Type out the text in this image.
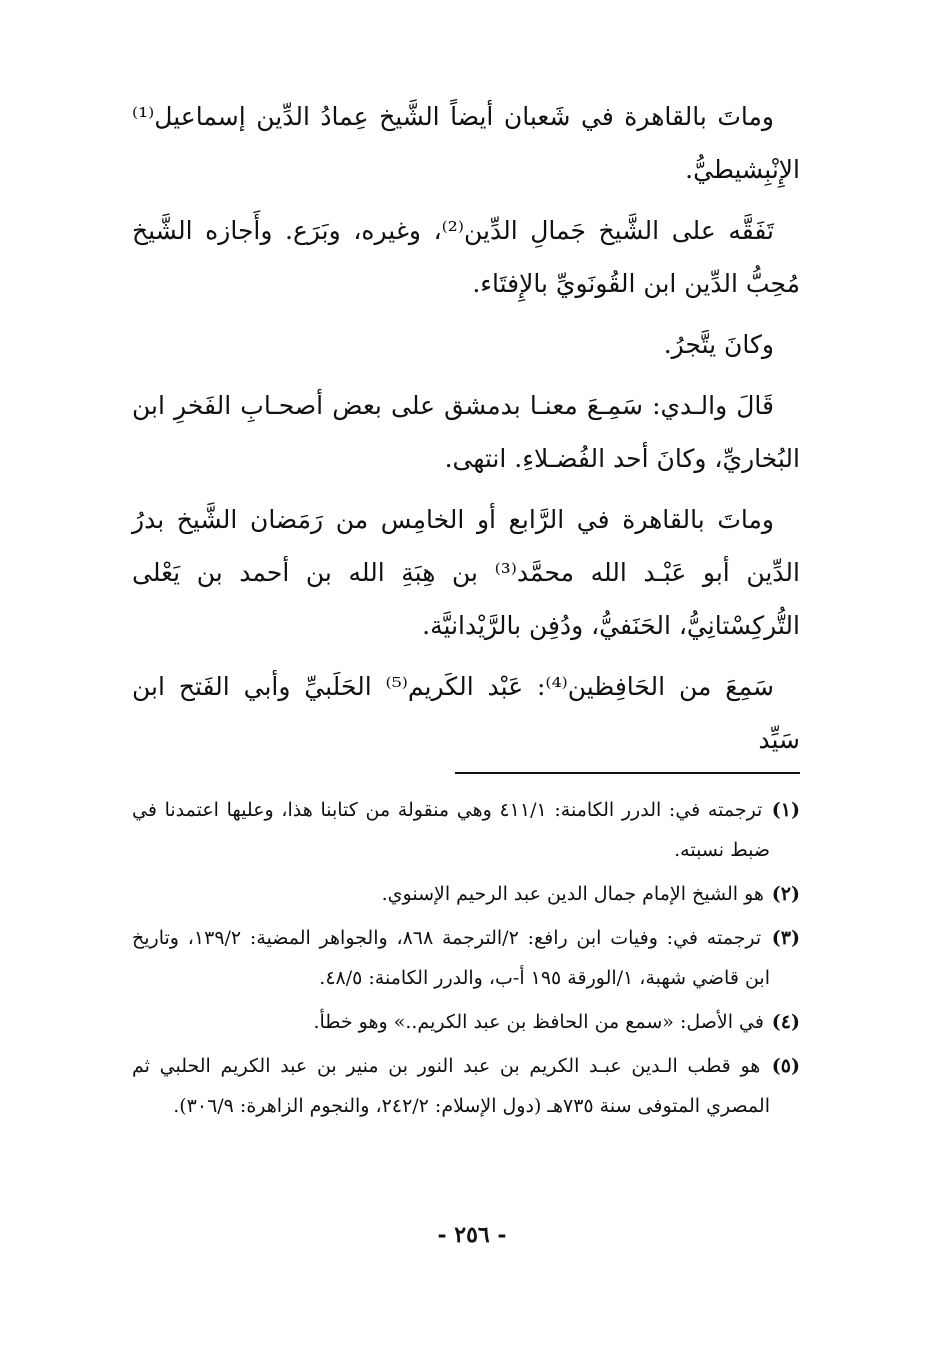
وماتَ بالقاهرة في شَعبان أيضاً الشَّيخ عِمادُ الدِّين إسماعيل⁽¹⁾ الإِنْبِشيطيُّ.

تَفَقَّه على الشَّيخ جَمالِ الدِّين⁽²⁾، وغيره، وبَرَع. وأَجازه الشَّيخ مُحِبُّ الدِّين ابن القُونَويِّ بالإِفتَاء.

وكانَ يتَّجرُ.

قَالَ والـدي: سَمِـعَ معنـا بدمشق على بعض أصحـابِ الفَخرِ ابن البُخاريِّ، وكانَ أحد الفُضـلاءِ. انتهى.

وماتَ بالقاهرة في الرَّابع أو الخامِس من رَمَضان الشَّيخ بدرُ الدِّين أبو عَبْـد الله محمَّد⁽³⁾ بن هِبَةِ الله بن أحمد بن يَعْلى التُّركِسْتانِيُّ، الحَنَفيُّ، ودُفِن بالرَّيْدانيَّة.

سَمِعَ من الحَافِظين⁽⁴⁾: عَبْد الكَريم⁽⁵⁾ الحَلَبيِّ وأبي الفَتح ابن سَيِّد

(١) ترجمته في: الدرر الكامنة: ٤١١/١ وهي منقولة من كتابنا هذا، وعليها اعتمدنا في ضبط نسبته.
(٢) هو الشيخ الإمام جمال الدين عبد الرحيم الإسنوي.
(٣) ترجمته في: وفيات ابن رافع: ٢/الترجمة ٨٦٨، والجواهر المضية: ١٣٩/٢، وتاريخ ابن قاضي شهبة، ١/الورقة ١٩٥ أ-ب، والدرر الكامنة: ٤٨/٥.
(٤) في الأصل: «سمع من الحافظ بن عبد الكريم..» وهو خطأ.
(٥) هو قطب الـدين عبـد الكريم بن عبد النور بن منير بن عبد الكريم الحلبي ثم المصري المتوفى سنة ٧٣٥هـ (دول الإسلام: ٢٤٢/٢، والنجوم الزاهرة: ٣٠٦/٩).
- ٢٥٦ -
